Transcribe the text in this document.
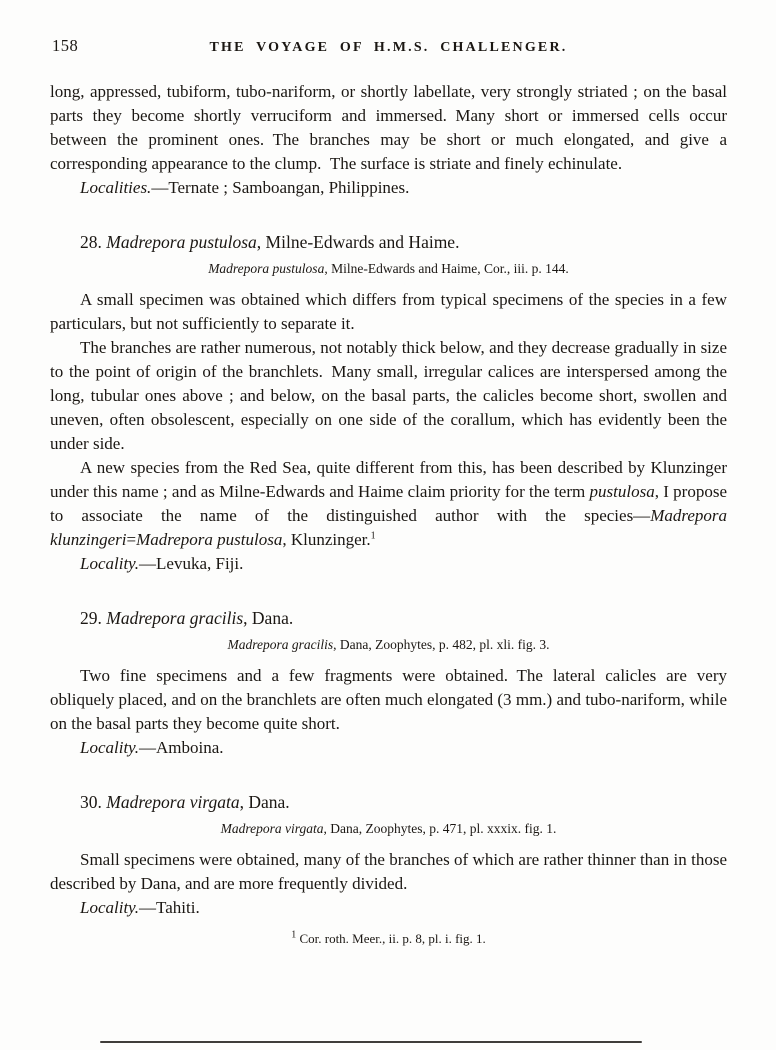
158	THE VOYAGE OF H.M.S. CHALLENGER.

long, appressed, tubiform, tubo-nariform, or shortly labellate, very strongly striated ; on the basal parts they become shortly verruciform and immersed. Many short or immersed cells occur between the prominent ones. The branches may be short or much elongated, and give a corresponding appearance to the clump. The surface is striate and finely echinulate.

Localities.—Ternate ; Samboangan, Philippines.

28. Madrepora pustulosa, Milne-Edwards and Haime.

Madrepora pustulosa, Milne-Edwards and Haime, Cor., iii. p. 144.

A small specimen was obtained which differs from typical specimens of the species in a few particulars, but not sufficiently to separate it.

The branches are rather numerous, not notably thick below, and they decrease gradually in size to the point of origin of the branchlets. Many small, irregular calices are interspersed among the long, tubular ones above ; and below, on the basal parts, the calicles become short, swollen and uneven, often obsolescent, especially on one side of the corallum, which has evidently been the under side.

A new species from the Red Sea, quite different from this, has been described by Klunzinger under this name ; and as Milne-Edwards and Haime claim priority for the term pustulosa, I propose to associate the name of the distinguished author with the species—Madrepora klunzingeri=Madrepora pustulosa, Klunzinger.$^1$

Locality.—Levuka, Fiji.

29. Madrepora gracilis, Dana.

Madrepora gracilis, Dana, Zoophytes, p. 482, pl. xli. fig. 3.

Two fine specimens and a few fragments were obtained. The lateral calicles are very obliquely placed, and on the branchlets are often much elongated (3 mm.) and tubo-nariform, while on the basal parts they become quite short.

Locality.—Amboina.

30. Madrepora virgata, Dana.

Madrepora virgata, Dana, Zoophytes, p. 471, pl. xxxix. fig. 1.

Small specimens were obtained, many of the branches of which are rather thinner than in those described by Dana, and are more frequently divided.

Locality.—Tahiti.

$^1$ Cor. roth. Meer., ii. p. 8, pl. i. fig. 1.
